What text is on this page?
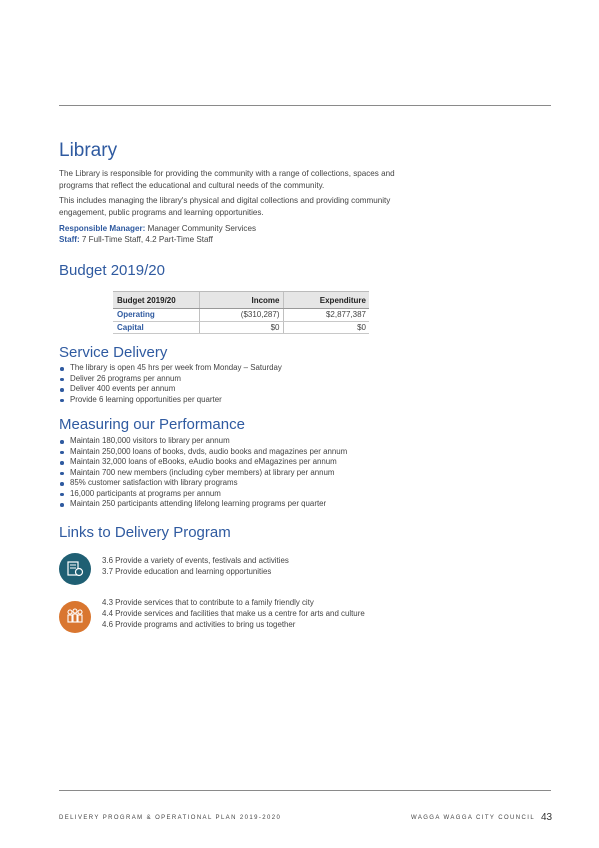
Library

The Library is responsible for providing the community with a range of collections, spaces and programs that reflect the educational and cultural needs of the community.

This includes managing the library's physical and digital collections and providing community engagement, public programs and learning opportunities.

Responsible Manager: Manager Community Services
Staff: 7 Full-Time Staff, 4.2 Part-Time Staff
Budget 2019/20
Budget 2019/20	Income	Expenditure
Operating	($310,287)	$2,877,387
Capital	$0	$0
Service Delivery
The library is open 45 hrs per week from Monday – Saturday
Deliver 26 programs per annum
Deliver 400 events per annum
Provide 6 learning opportunities per quarter
Measuring our Performance
Maintain 180,000 visitors to library per annum
Maintain 250,000 loans of books, dvds, audio books and magazines per annum
Maintain 32,000 loans of eBooks, eAudio books and eMagazines per annum
Maintain 700 new members (including cyber members) at library per annum
85% customer satisfaction with library programs
16,000 participants at programs per annum
Maintain 250 participants attending lifelong learning programs per quarter
Links to Delivery Program
3.6 Provide a variety of events, festivals and activities
3.7 Provide education and learning opportunities
4.3 Provide services that to contribute to a family friendly city
4.4 Provide services and facilities that make us a centre for arts and culture
4.6 Provide programs and activities to bring us together
DELIVERY PROGRAM & OPERATIONAL PLAN 2019-2020	WAGGA WAGGA CITY COUNCIL 43
